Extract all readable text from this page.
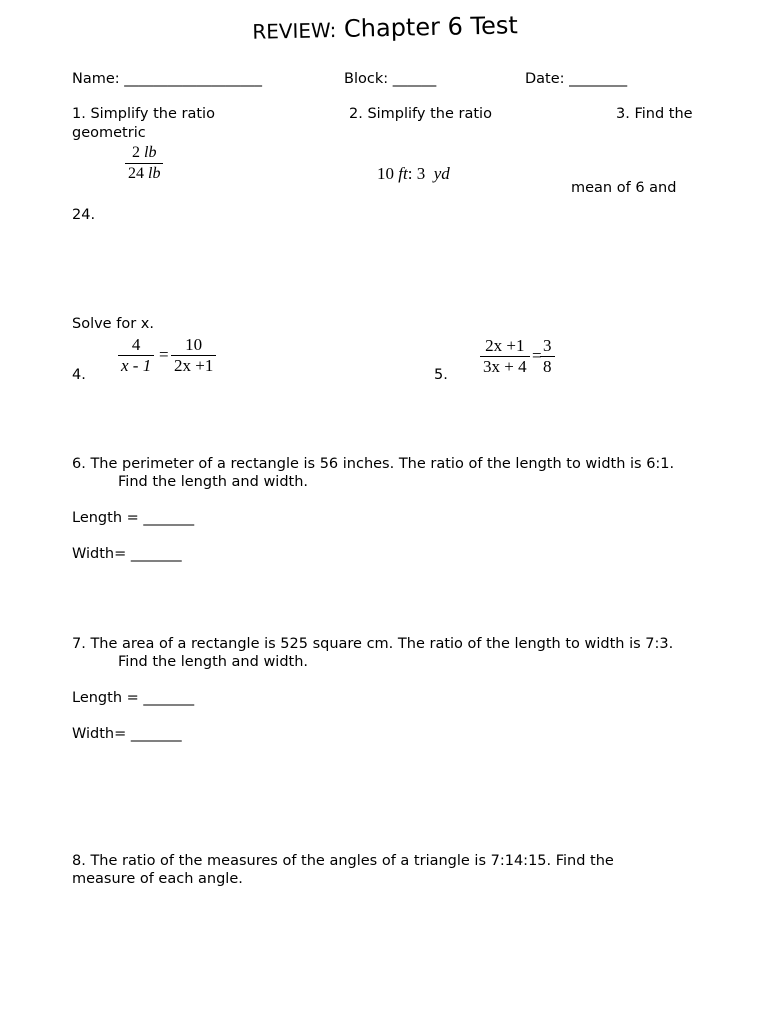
REVIEW: Chapter 6 Test
Name: ___________________	Block: ______	Date: ________
1. Simplify the ratio
geometric
2 lb
24 lb
2. Simplify the ratio
10 ft: 3 yd
3. Find the
mean of 6 and
24.
Solve for x.
4.
4
x - 1
=
10
2x +1	5.
2x +1
3x + 4
=
3
8
6. The perimeter of a rectangle is 56 inches. The ratio of the length to width is 6:1.
Find the length and width.
Length = _______
Width= _______
7. The area of a rectangle is 525 square cm. The ratio of the length to width is 7:3.
Find the length and width.
Length = _______
Width= _______
8. The ratio of the measures of the angles of a triangle is 7:14:15. Find the
measure of each angle.
